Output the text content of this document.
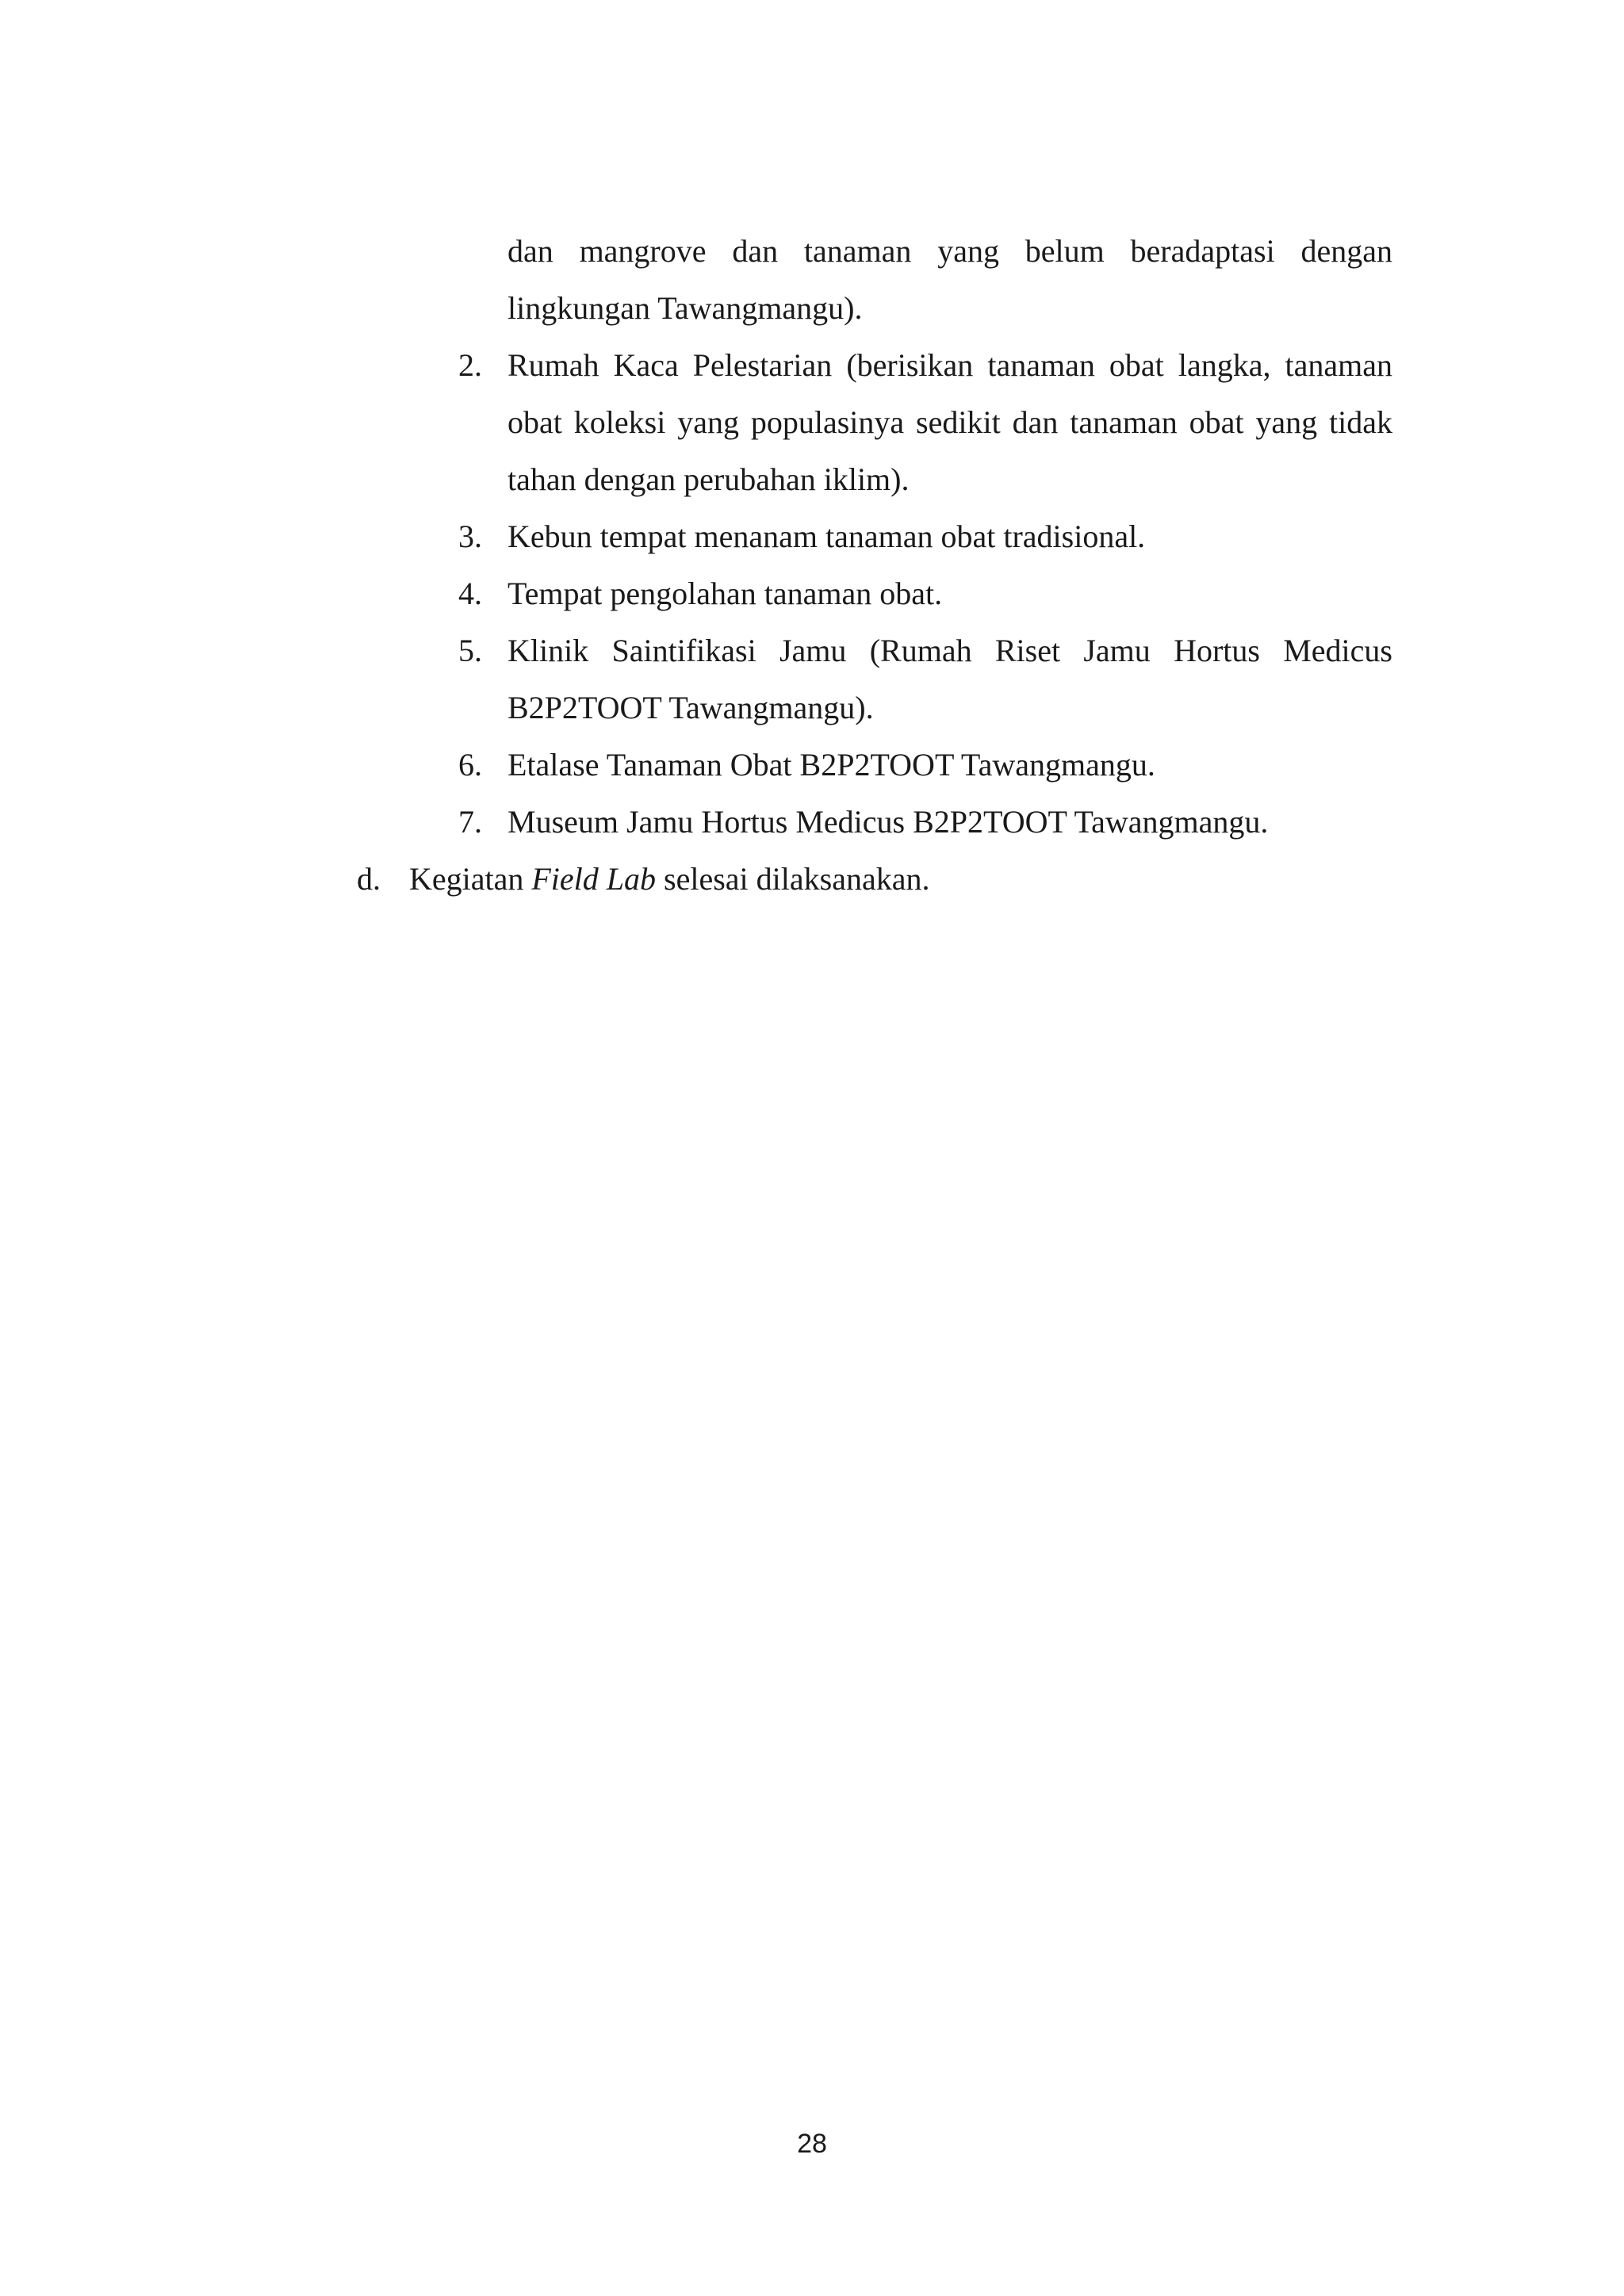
dan mangrove dan tanaman yang belum beradaptasi dengan
lingkungan Tawangmangu).
2. Rumah Kaca Pelestarian (berisikan tanaman obat langka, tanaman
obat koleksi yang populasinya sedikit dan tanaman obat yang tidak
tahan dengan perubahan iklim).
3. Kebun tempat menanam tanaman obat tradisional.
4. Tempat pengolahan tanaman obat.
5. Klinik Saintifikasi Jamu (Rumah Riset Jamu Hortus Medicus
B2P2TOOT Tawangmangu).
6. Etalase Tanaman Obat B2P2TOOT Tawangmangu.
7. Museum Jamu Hortus Medicus B2P2TOOT Tawangmangu.
d. Kegiatan Field Lab selesai dilaksanakan.
28
